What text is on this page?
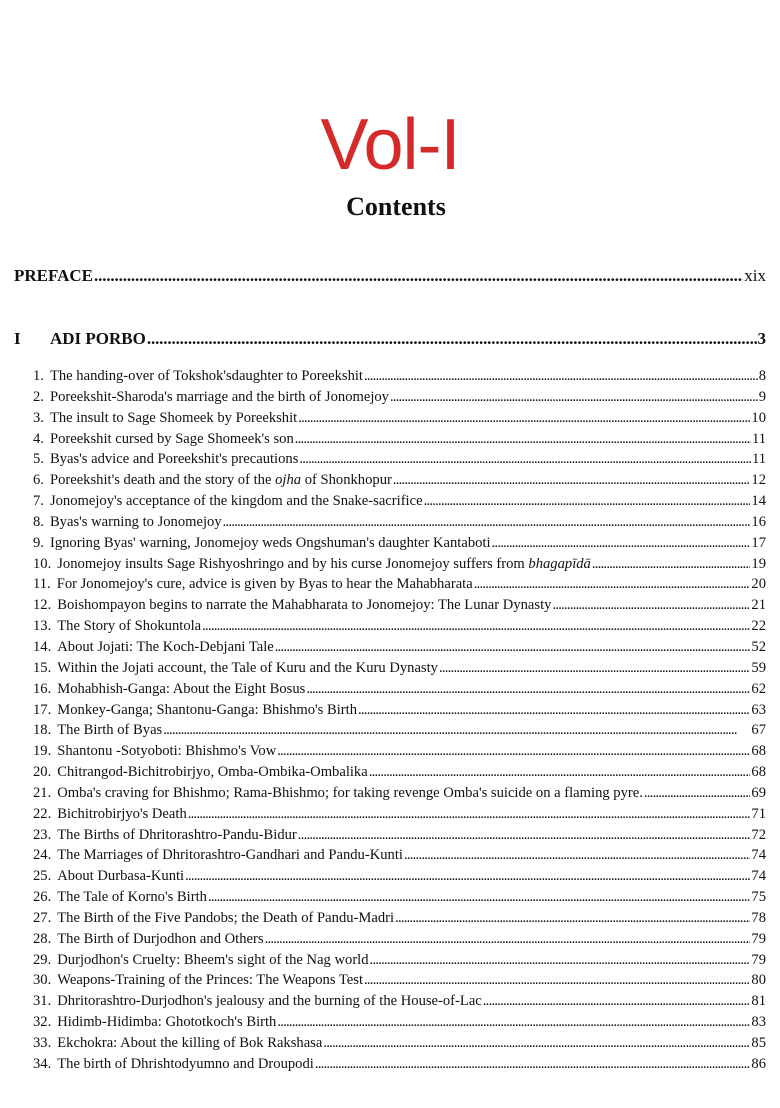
Vol-I
Contents
PREFACE . . .	xix
I ADI PORBO . . .	3
1. The handing-over of Tokshok'sdaughter to Poreekshit . . .	8
2. Poreekshit-Sharoda's marriage and the birth of Jonomejoy . . .	9
3. The insult to Sage Shomeek by Poreekshit . . .	10
4. Poreekshit cursed by Sage Shomeek's son . . .	11
5. Byas's advice and Poreekshit's precautions . . .	11
6. Poreekshit's death and the story of the ojha of Shonkhopur . . .	12
7. Jonomejoy's acceptance of the kingdom and the Snake-sacrifice . . .	14
8. Byas's warning to Jonomejoy . . .	16
9. Ignoring Byas' warning, Jonomejoy weds Ongshuman's daughter Kantaboti . . .	17
10. Jonomejoy insults Sage Rishyoshringo and by his curse Jonomejoy suffers from bhagapīdā . . .	19
11. For Jonomejoy's cure, advice is given by Byas to hear the Mahabharata . . .	20
12. Boishompayon begins to narrate the Mahabharata to Jonomejoy: The Lunar Dynasty . . .	21
13. The Story of Shokuntola . . .	22
14. About Jojati: The Koch-Debjani Tale . . .	52
15. Within the Jojati account, the Tale of Kuru and the Kuru Dynasty . . .	59
16. Mohabhish-Ganga: About the Eight Bosus . . .	62
17. Monkey-Ganga; Shantonu-Ganga: Bhishmo's Birth . . .	63
18. The Birth of Byas . . .	67
19. Shantonu -Sotyoboti: Bhishmo's Vow . . .	68
20. Chitrangod-Bichitrobirjyo, Omba-Ombika-Ombalika . . .	68
21. Omba's craving for Bhishmo; Rama-Bhishmo; for taking revenge Omba's suicide on a flaming pyre. . . .	69
22. Bichitrobirjyo's Death . . .	71
23. The Births of Dhritorashtro-Pandu-Bidur . . .	72
24. The Marriages of Dhritorashtro-Gandhari and Pandu-Kunti . . .	74
25. About Durbasa-Kunti . . .	74
26. The Tale of Korno's Birth . . .	75
27. The Birth of the Five Pandobs; the Death of Pandu-Madri . . .	78
28. The Birth of Durjodhon and Others . . .	79
29. Durjodhon's Cruelty: Bheem's sight of the Nag world . . .	79
30. Weapons-Training of the Princes: The Weapons Test . . .	80
31. Dhritorashtro-Durjodhon's jealousy and the burning of the House-of-Lac . . .	81
32. Hidimb-Hidimba: Ghototkoch's Birth . . .	83
33. Ekchokra: About the killing of Bok Rakshasa . . .	85
34. The birth of Dhrishtodyumno and Droupodi . . .	86
